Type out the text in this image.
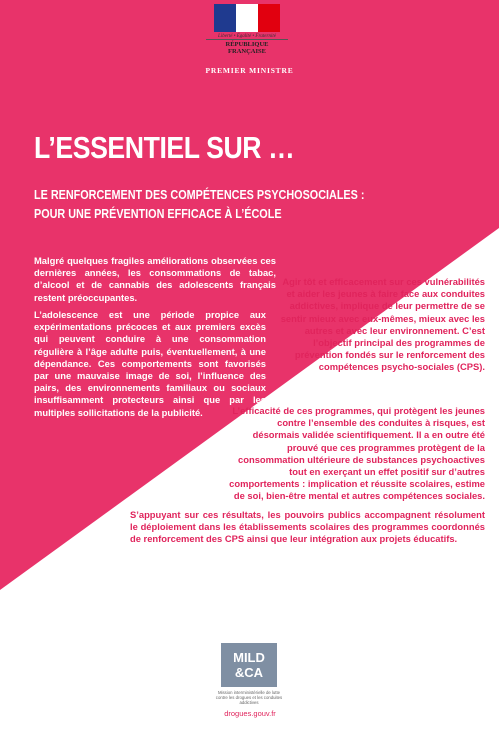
Liberté • Égalité • Fraternité
RÉPUBLIQUE FRANÇAISE
PREMIER MINISTRE
L’ESSENTIEL SUR …
LE RENFORCEMENT DES COMPÉTENCES PSYCHOSOCIALES :
POUR UNE PRÉVENTION EFFICACE À L’ÉCOLE

Malgré quelques fragiles améliorations observées ces dernières années, les consommations de tabac, d’alcool et de cannabis des adolescents français restent préoccupantes.

L’adolescence est une période propice aux expérimentations précoces et aux premiers excès qui peuvent conduire à une consommation régulière à l’âge adulte puis, éventuellement, à une dépendance. Ces comportements sont favorisés par une mauvaise image de soi, l’influence des pairs, des environnements familiaux ou sociaux insuffisamment protecteurs ainsi que par les multiples sollicitations de la publicité.

Agir tôt et efficacement sur ces vulnérabilités et aider les jeunes à faire face aux conduites addictives, implique de leur permettre de se sentir mieux avec eux-mêmes, mieux avec les autres et avec leur environnement. C’est l’objectif principal des programmes de prévention fondés sur le renforcement des compétences psycho-sociales (CPS).

L’efficacité de ces programmes, qui protègent les jeunes contre l’ensemble des conduites à risques, est désormais validée scientifiquement. Il a en outre été prouvé que ces programmes protègent de la consommation ultérieure de substances psychoactives tout en exerçant un effet positif sur d’autres comportements : implication et réussite scolaires, estime de soi, bien-être mental et autres compétences sociales.

S’appuyant sur ces résultats, les pouvoirs publics accompagnent résolument le déploiement dans les établissements scolaires des programmes coordonnés de renforcement des CPS ainsi que leur intégration aux projets éducatifs.

MILD
&CA
Mission interministérielle de lutte contre les drogues et les conduites addictives
drogues.gouv.fr
